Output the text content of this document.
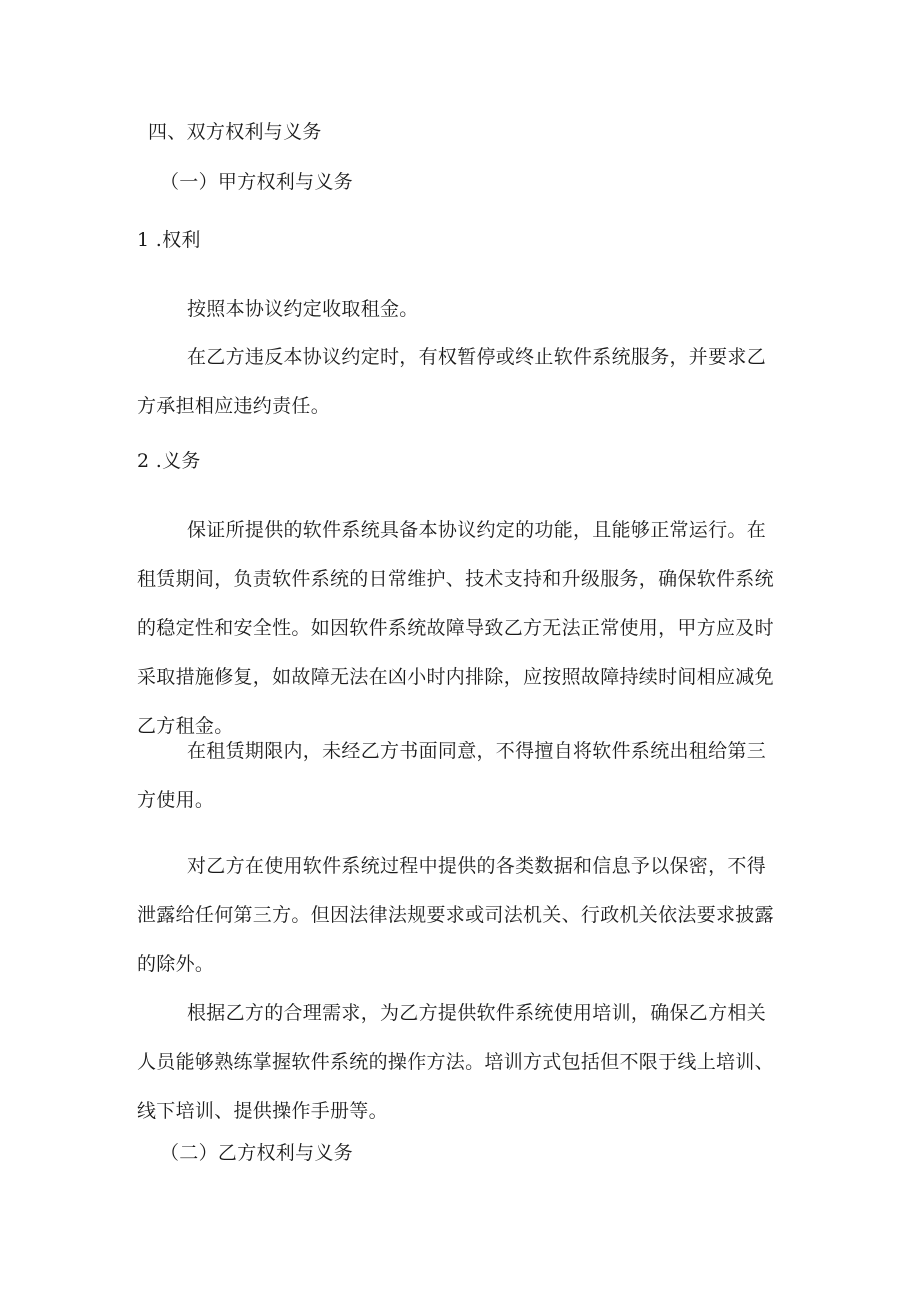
四、双方权利与义务
（一）甲方权利与义务
1 .权利
按照本协议约定收取租金。
在乙方违反本协议约定时，有权暂停或终止软件系统服务，并要求乙方承担相应违约责任。
2 .义务
保证所提供的软件系统具备本协议约定的功能，且能够正常运行。在租赁期间，负责软件系统的日常维护、技术支持和升级服务，确保软件系统的稳定性和安全性。如因软件系统故障导致乙方无法正常使用，甲方应及时采取措施修复，如故障无法在凶小时内排除，应按照故障持续时间相应减免乙方租金。
在租赁期限内，未经乙方书面同意，不得擅自将软件系统出租给第三方使用。
对乙方在使用软件系统过程中提供的各类数据和信息予以保密，不得泄露给任何第三方。但因法律法规要求或司法机关、行政机关依法要求披露的除外。
根据乙方的合理需求，为乙方提供软件系统使用培训，确保乙方相关人员能够熟练掌握软件系统的操作方法。培训方式包括但不限于线上培训、线下培训、提供操作手册等。
（二）乙方权利与义务
